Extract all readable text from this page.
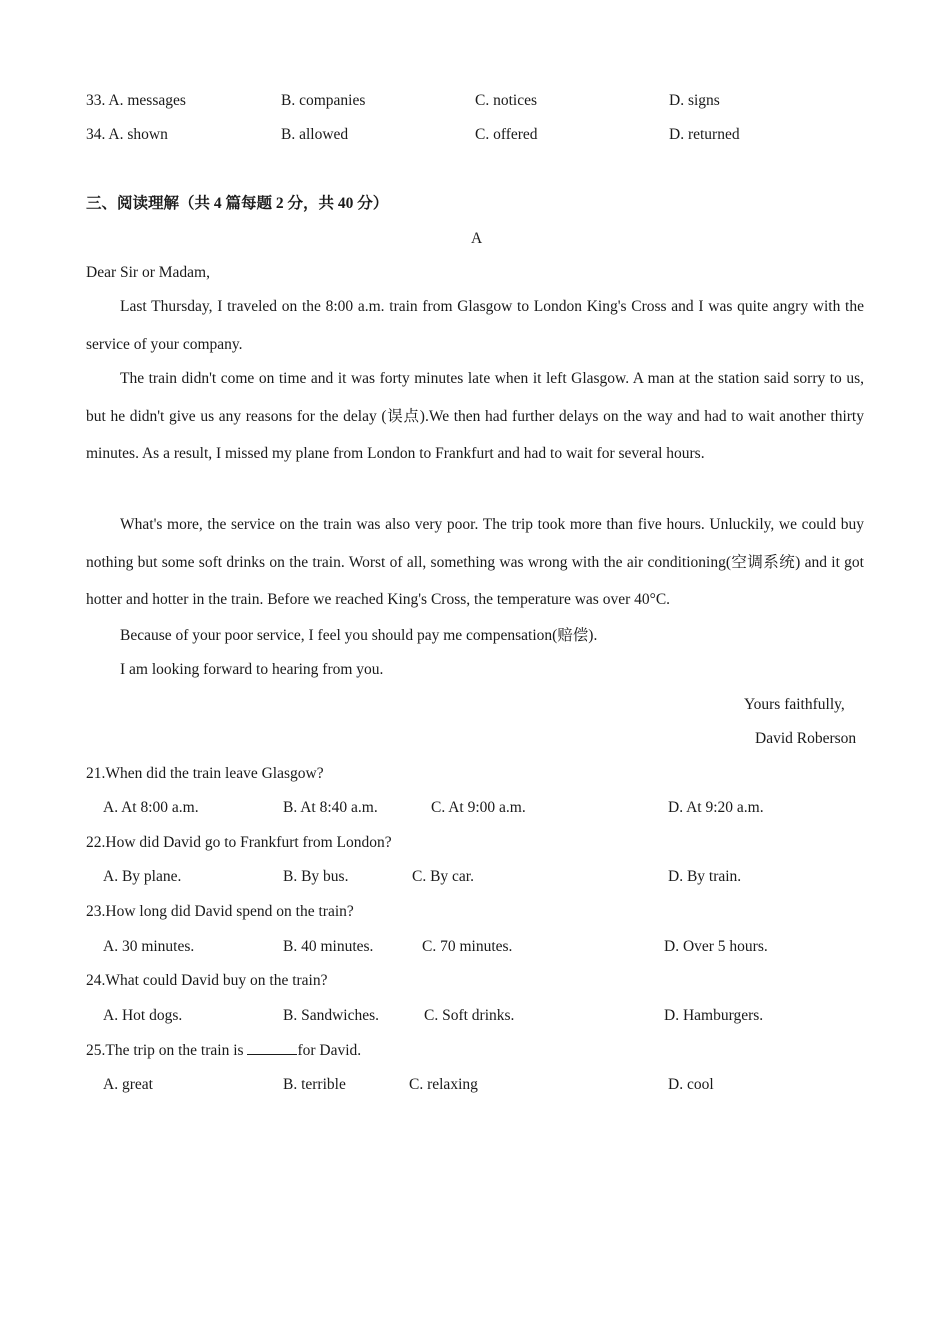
33. A. messages	B. companies	C. notices	D. signs
34. A. shown	B. allowed	C. offered	D. returned
三、阅读理解（共 4 篇每题 2 分，共 40 分）
A
Dear Sir or Madam,
Last Thursday, I traveled on the 8:00 a.m. train from Glasgow to London King's Cross and I was quite angry with the service of your company.
The train didn't come on time and it was forty minutes late when it left Glasgow. A man at the station said sorry to us, but he didn't give us any reasons for the delay (误点).We then had further delays on the way and had to wait another thirty minutes. As a result, I missed my plane from London to Frankfurt and had to wait for several hours.
What's more, the service on the train was also very poor. The trip took more than five hours. Unluckily, we could buy nothing but some soft drinks on the train. Worst of all, something was wrong with the air conditioning(空调系统) and it got hotter and hotter in the train. Before we reached King's Cross, the temperature was over 40°C.
Because of your poor service, I feel you should pay me compensation(赔偿).
I am looking forward to hearing from you.
Yours faithfully,
David Roberson
21.When did the train leave Glasgow?
A. At 8:00 a.m.	B. At 8:40 a.m.	C. At 9:00 a.m.	D. At 9:20 a.m.
22.How did David go to Frankfurt from London?
A. By plane.	B. By bus.	C. By car.	D. By train.
23.How long did David spend on the train?
A. 30 minutes.	B. 40 minutes.	C. 70 minutes.	D. Over 5 hours.
24.What could David buy on the train?
A. Hot dogs.	B. Sandwiches.	C. Soft drinks.	D. Hamburgers.
25.The trip on the train is	for David.
A. great	B. terrible	C. relaxing	D. cool
